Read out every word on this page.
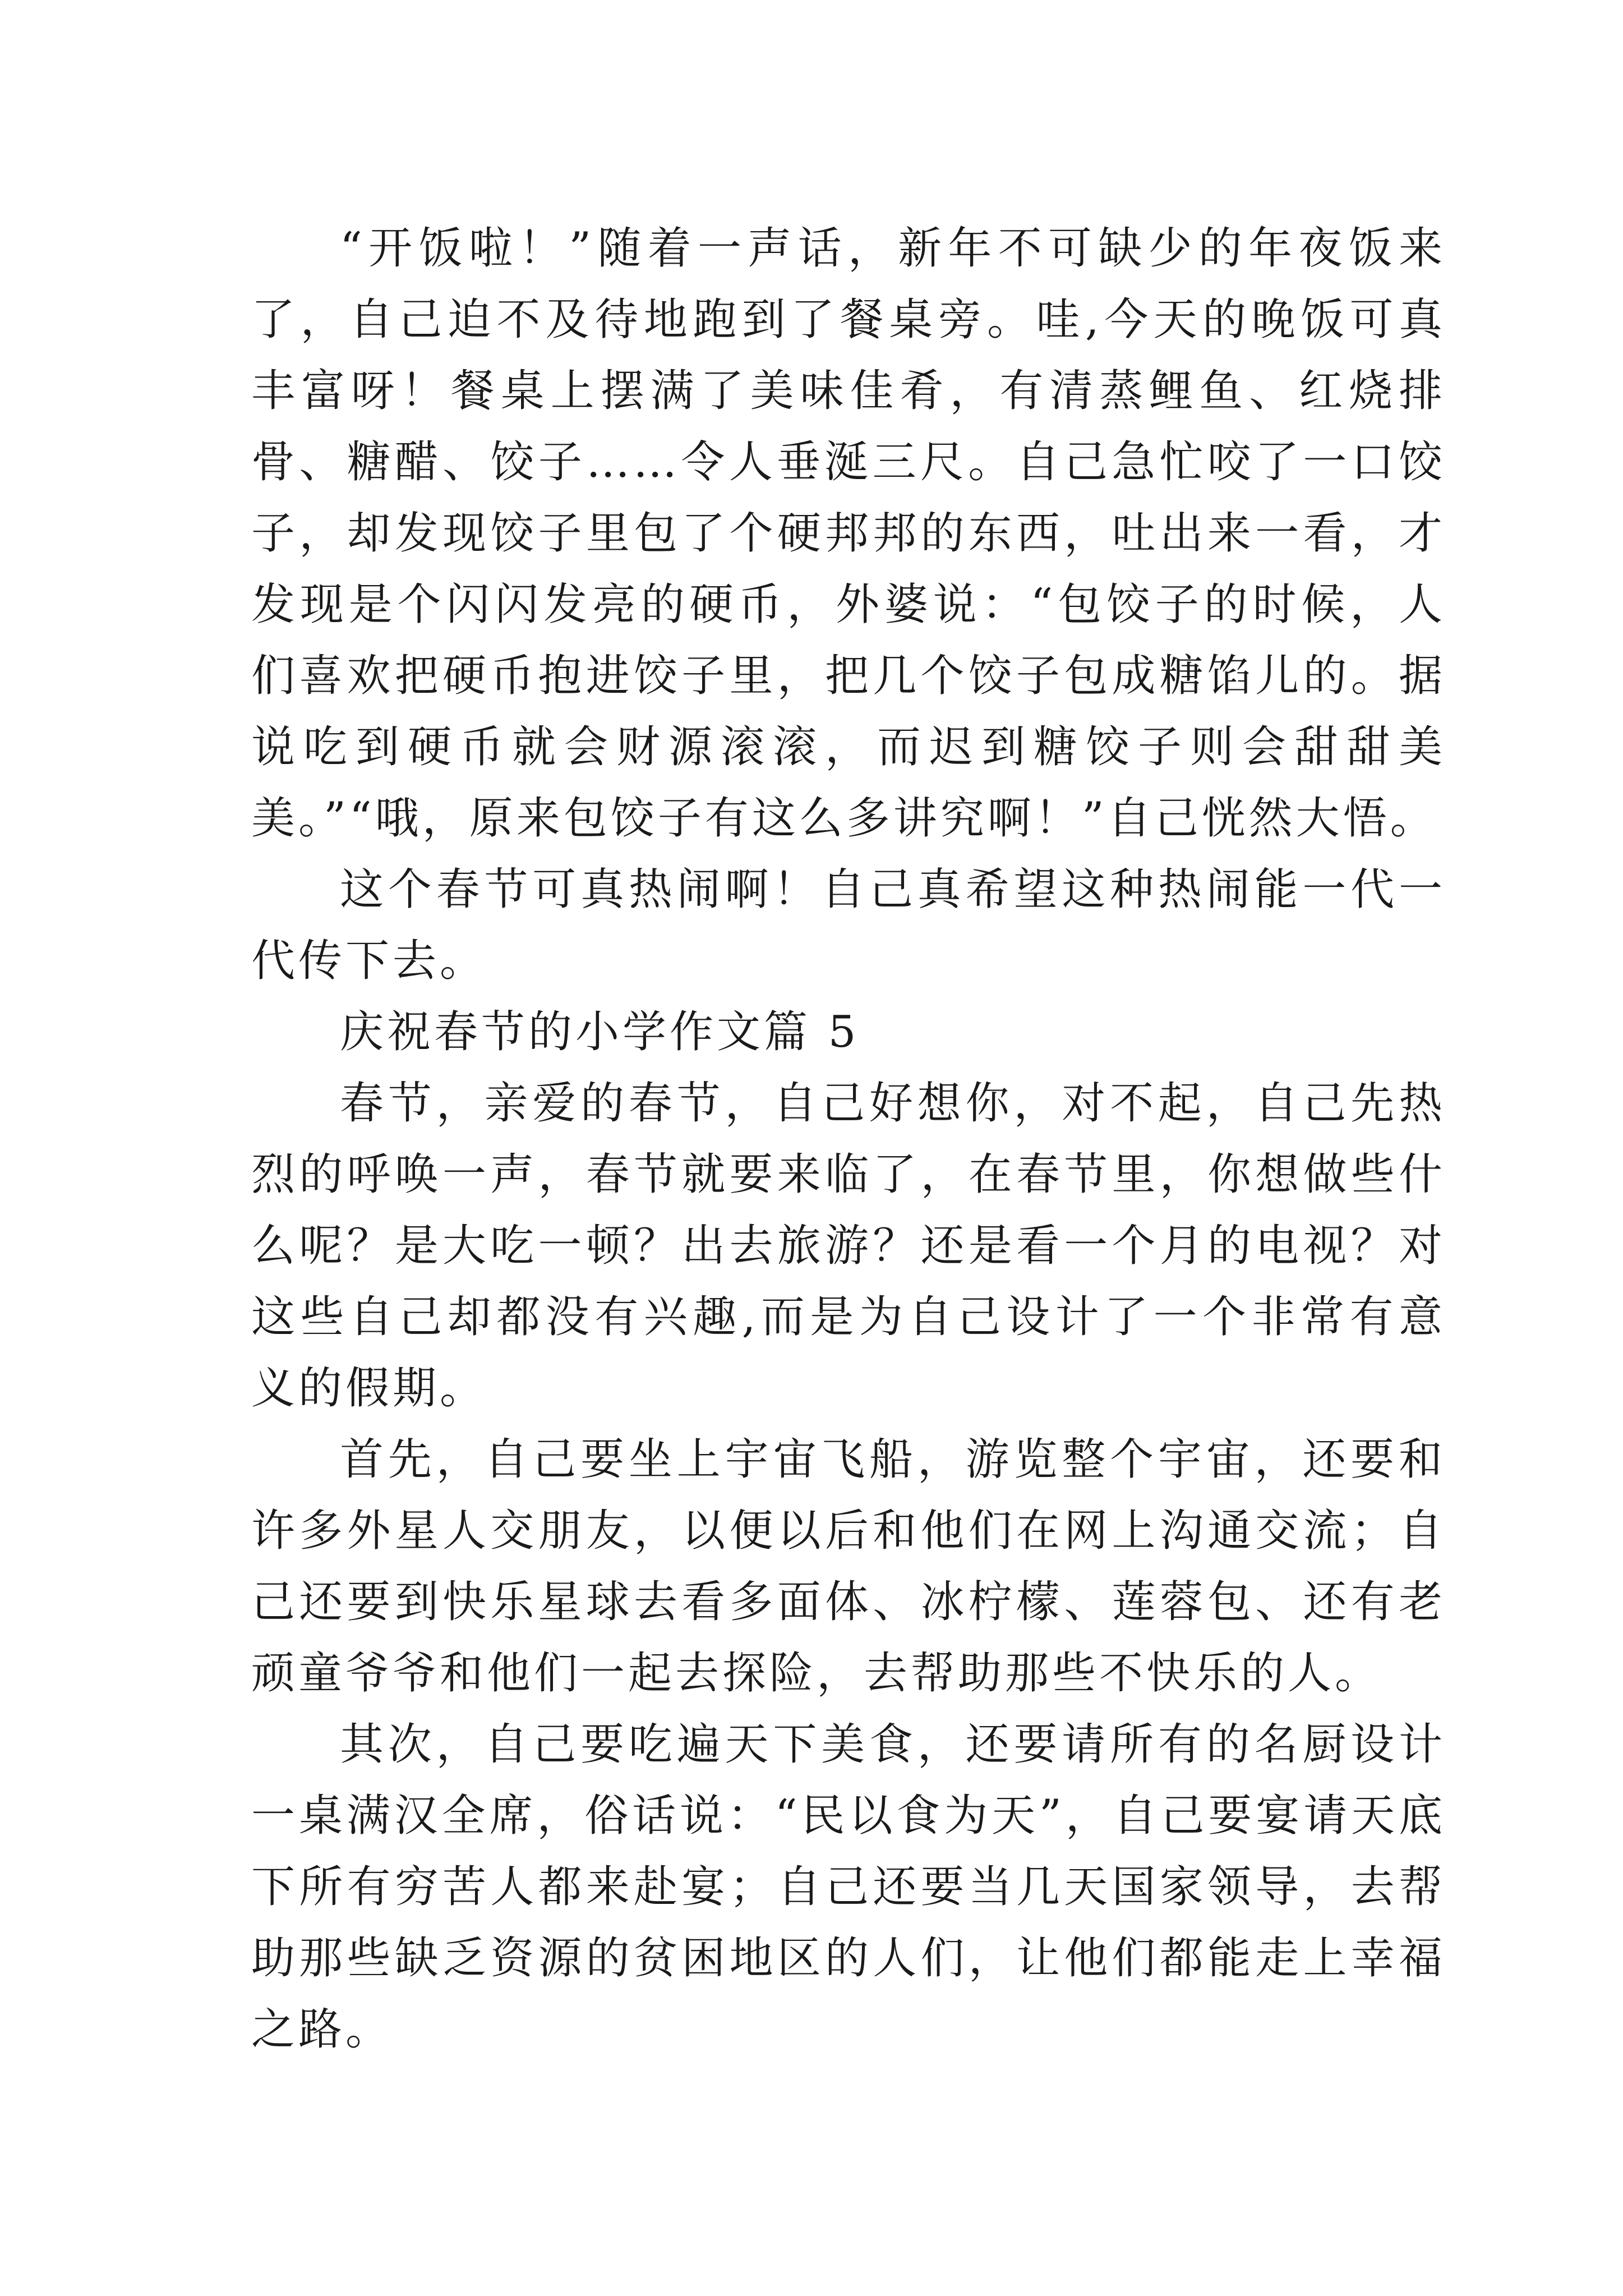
“开饭啦！”随着一声话，新年不可缺少的年夜饭来了，自己迫不及待地跑到了餐桌旁。哇,今天的晚饭可真丰富呀！餐桌上摆满了美味佳肴，有清蒸鲤鱼、红烧排骨、糖醋、饺子……令人垂涎三尺。自己急忙咬了一口饺子，却发现饺子里包了个硬邦邦的东西，吐出来一看，才发现是个闪闪发亮的硬币，外婆说：“包饺子的时候，人们喜欢把硬币抱进饺子里，把几个饺子包成糖馅儿的。据说吃到硬币就会财源滚滚，而迟到糖饺子则会甜甜美美。”“哦，原来包饺子有这么多讲究啊！”自己恍然大悟。

这个春节可真热闹啊！自己真希望这种热闹能一代一代传下去。

庆祝春节的小学作文篇 5

春节，亲爱的春节，自己好想你，对不起，自己先热烈的呼唤一声，春节就要来临了，在春节里，你想做些什么呢？是大吃一顿？出去旅游？还是看一个月的电视？对这些自己却都没有兴趣,而是为自己设计了一个非常有意义的假期。

首先，自己要坐上宇宙飞船，游览整个宇宙，还要和许多外星人交朋友，以便以后和他们在网上沟通交流；自己还要到快乐星球去看多面体、冰柠檬、莲蓉包、还有老顽童爷爷和他们一起去探险，去帮助那些不快乐的人。

其次，自己要吃遍天下美食，还要请所有的名厨设计一桌满汉全席，俗话说：“民以食为天”，自己要宴请天底下所有穷苦人都来赴宴；自己还要当几天国家领导，去帮助那些缺乏资源的贫困地区的人们，让他们都能走上幸福之路。
